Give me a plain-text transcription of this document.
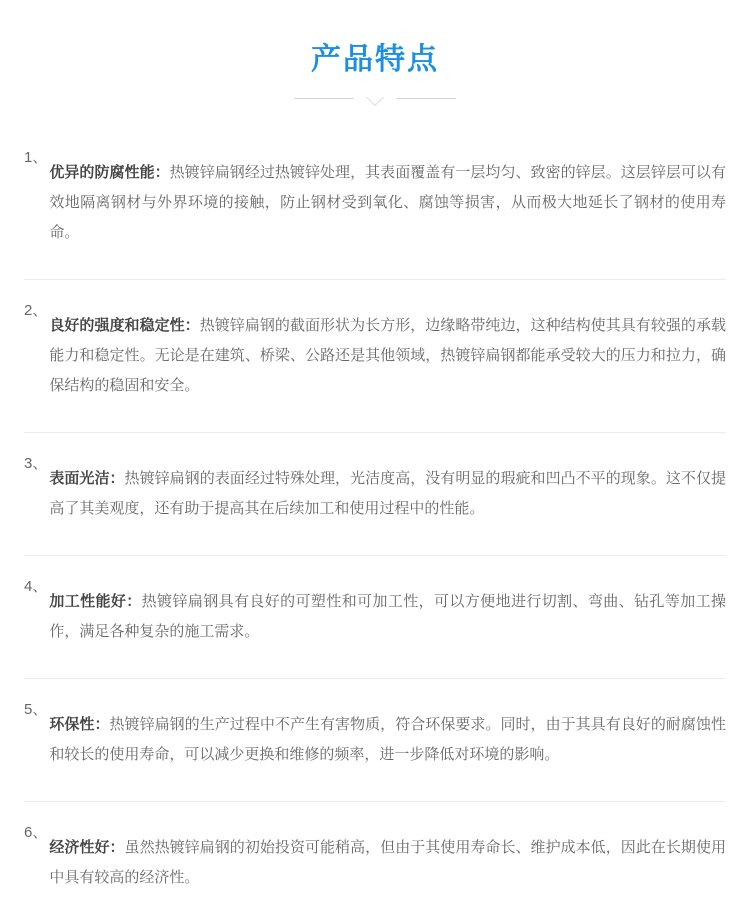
产品特点
1、

优异的防腐性能：热镀锌扁钢经过热镀锌处理，其表面覆盖有一层均匀、致密的锌层。这层锌层可以有效地隔离钢材与外界环境的接触，防止钢材受到氧化、腐蚀等损害，从而极大地延长了钢材的使用寿命。

2、

良好的强度和稳定性：热镀锌扁钢的截面形状为长方形，边缘略带纯边，这种结构使其具有较强的承载能力和稳定性。无论是在建筑、桥梁、公路还是其他领域，热镀锌扁钢都能承受较大的压力和拉力，确保结构的稳固和安全。

3、

表面光洁：热镀锌扁钢的表面经过特殊处理，光洁度高，没有明显的瑕疵和凹凸不平的现象。这不仅提高了其美观度，还有助于提高其在后续加工和使用过程中的性能。

4、

加工性能好：热镀锌扁钢具有良好的可塑性和可加工性，可以方便地进行切割、弯曲、钻孔等加工操作，满足各种复杂的施工需求。

5、

环保性：热镀锌扁钢的生产过程中不产生有害物质，符合环保要求。同时，由于其具有良好的耐腐蚀性和较长的使用寿命，可以减少更换和维修的频率，进一步降低对环境的影响。

6、

经济性好：虽然热镀锌扁钢的初始投资可能稍高，但由于其使用寿命长、维护成本低，因此在长期使用中具有较高的经济性。
